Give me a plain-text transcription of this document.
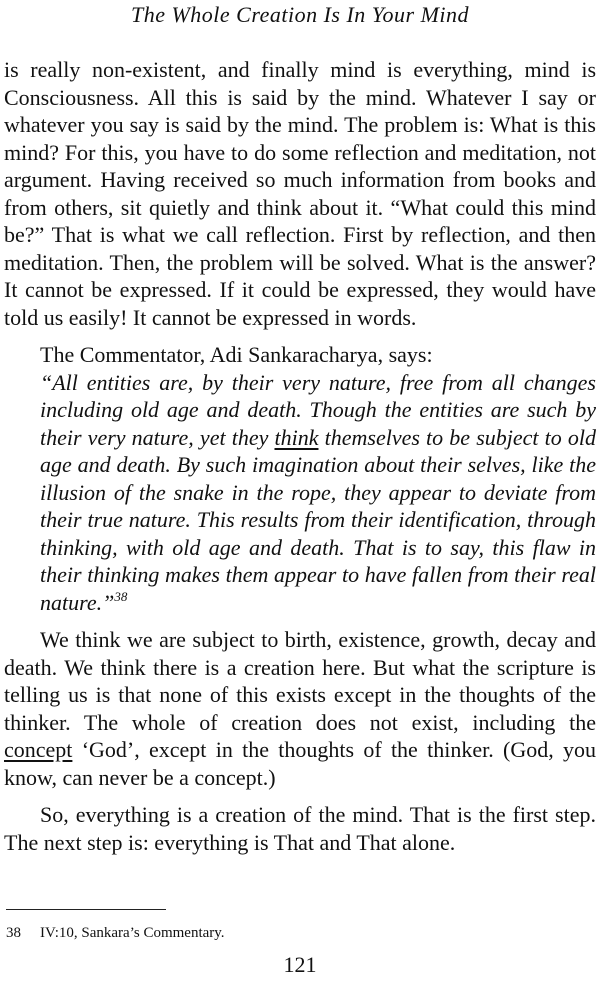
The Whole Creation Is In Your Mind

is really non-existent, and finally mind is everything, mind is Consciousness. All this is said by the mind. Whatever I say or whatever you say is said by the mind. The problem is: What is this mind? For this, you have to do some reflection and meditation, not argument. Having received so much information from books and from others, sit quietly and think about it. “What could this mind be?” That is what we call reflection. First by reflection, and then meditation. Then, the problem will be solved. What is the answer? It cannot be expressed. If it could be expressed, they would have told us easily! It cannot be expressed in words.

The Commentator, Adi Sankaracharya, says:

“All entities are, by their very nature, free from all changes including old age and death. Though the entities are such by their very nature, yet they think themselves to be subject to old age and death. By such imagination about their selves, like the illusion of the snake in the rope, they appear to deviate from their true nature. This results from their identification, through thinking, with old age and death. That is to say, this flaw in their thinking makes them appear to have fallen from their real nature.”$^{38}$

We think we are subject to birth, existence, growth, decay and death. We think there is a creation here. But what the scripture is telling us is that none of this exists except in the thoughts of the thinker. The whole of creation does not exist, including the concept ‘God’, except in the thoughts of the thinker. (God, you know, can never be a concept.)

So, everything is a creation of the mind. That is the first step. The next step is: everything is That and That alone.

38 IV:10, Sankara’s Commentary.
121
